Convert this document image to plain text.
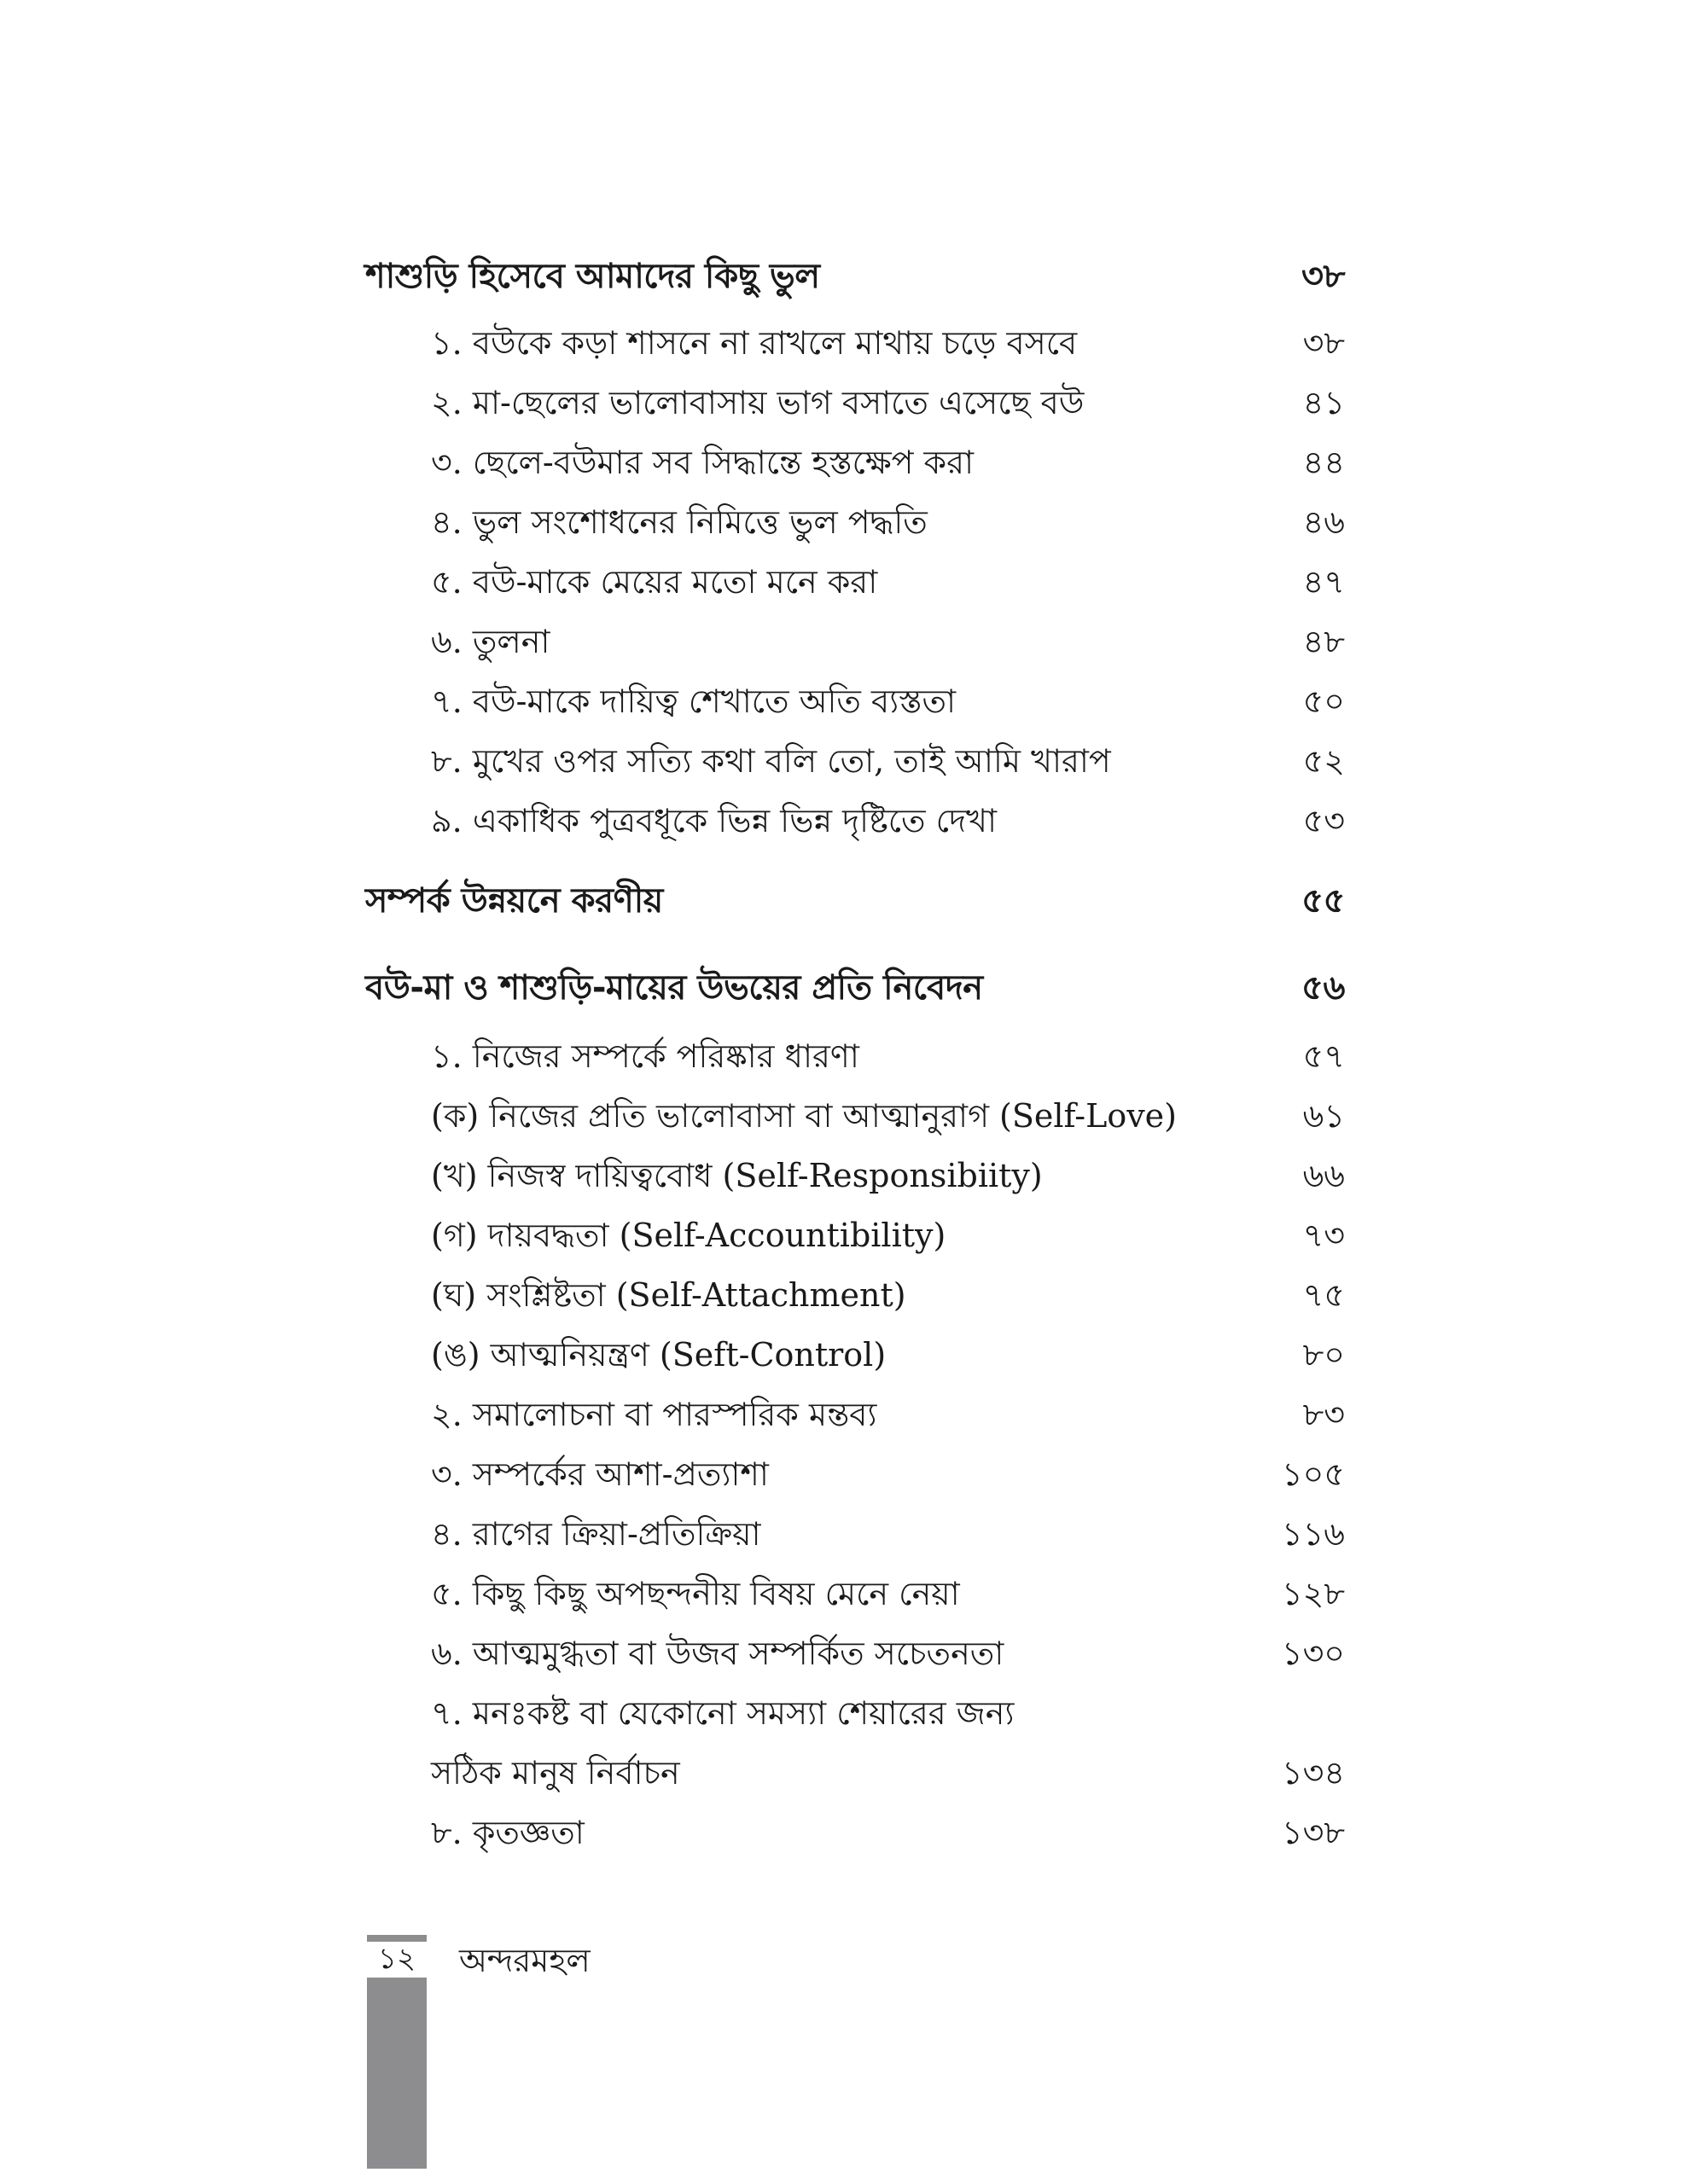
শাশুড়ি হিসেবে আমাদের কিছু ভুল	৩৮
১. বউকে কড়া শাসনে না রাখলে মাথায় চড়ে বসবে	৩৮
২. মা-ছেলের ভালোবাসায় ভাগ বসাতে এসেছে বউ	৪১
৩. ছেলে-বউমার সব সিদ্ধান্তে হস্তক্ষেপ করা	৪৪
৪. ভুল সংশোধনের নিমিত্তে ভুল পদ্ধতি	৪৬
৫. বউ-মাকে মেয়ের মতো মনে করা	৪৭
৬. তুলনা	৪৮
৭. বউ-মাকে দায়িত্ব শেখাতে অতি ব্যস্ততা	৫০
৮. মুখের ওপর সত্যি কথা বলি তো, তাই আমি খারাপ	৫২
৯. একাধিক পুত্রবধূকে ভিন্ন ভিন্ন দৃষ্টিতে দেখা	৫৩
সম্পর্ক উন্নয়নে করণীয়	৫৫
বউ-মা ও শাশুড়ি-মায়ের উভয়ের প্রতি নিবেদন	৫৬
১. নিজের সম্পর্কে পরিষ্কার ধারণা	৫৭
(ক) নিজের প্রতি ভালোবাসা বা আত্মানুরাগ (Self-Love)	৬১
(খ) নিজস্ব দায়িত্ববোধ (Self-Responsibiity)	৬৬
(গ) দায়বদ্ধতা (Self-Accountibility)	৭৩
(ঘ) সংশ্লিষ্টতা (Self-Attachment)	৭৫
(ঙ) আত্মনিয়ন্ত্রণ (Seft-Control)	৮০
২. সমালোচনা বা পারস্পরিক মন্তব্য	৮৩
৩. সম্পর্কের আশা-প্রত্যাশা	১০৫
৪. রাগের ক্রিয়া-প্রতিক্রিয়া	১১৬
৫. কিছু কিছু অপছন্দনীয় বিষয় মেনে নেয়া	১২৮
৬. আত্মমুগ্ধতা বা উজব সম্পর্কিত সচেতনতা	১৩০
৭. মনঃকষ্ট বা যেকোনো সমস্যা শেয়ারের জন্য
সঠিক মানুষ নির্বাচন	১৩৪
৮. কৃতজ্ঞতা	১৩৮
১২	অন্দরমহল
